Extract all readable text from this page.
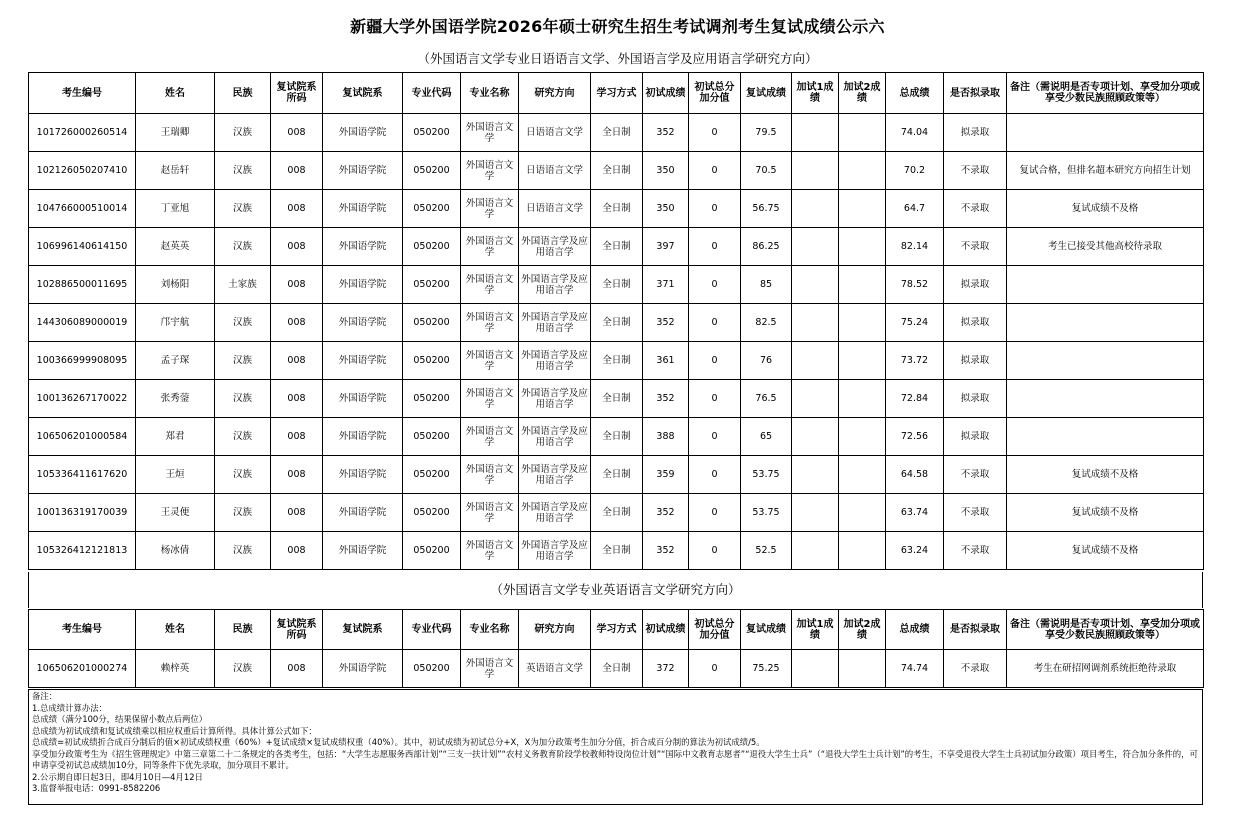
新疆大学外国语学院2026年硕士研究生招生考试调剂考生复试成绩公示六
（外国语言文学专业日语语言文学、外国语言学及应用语言学研究方向）
考生编号	姓名	民族	复试院系所码	复试院系	专业代码	专业名称	研究方向	学习方式	初试成绩	初试总分加分值	复试成绩	加试1成绩	加试2成绩	总成绩	是否拟录取	备注（需说明是否专项计划、享受加分项或享受少数民族照顾政策等）
101726000260514	王瑞卿	汉族	008	外国语学院	050200	外国语言文学	日语语言文学	全日制	352	0	79.5			74.04	拟录取	
102126050207410	赵岳轩	汉族	008	外国语学院	050200	外国语言文学	日语语言文学	全日制	350	0	70.5			70.2	不录取	复试合格，但排名超本研究方向招生计划
104766000510014	丁亚旭	汉族	008	外国语学院	050200	外国语言文学	日语语言文学	全日制	350	0	56.75			64.7	不录取	复试成绩不及格
106996140614150	赵英英	汉族	008	外国语学院	050200	外国语言文学	外国语言学及应用语言学	全日制	397	0	86.25			82.14	不录取	考生已接受其他高校待录取
102886500011695	刘杨阳	土家族	008	外国语学院	050200	外国语言文学	外国语言学及应用语言学	全日制	371	0	85			78.52	拟录取	
144306089000019	邝宇航	汉族	008	外国语学院	050200	外国语言文学	外国语言学及应用语言学	全日制	352	0	82.5			75.24	拟录取	
100366999908095	孟子琛	汉族	008	外国语学院	050200	外国语言文学	外国语言学及应用语言学	全日制	361	0	76			73.72	拟录取	
100136267170022	张秀蓥	汉族	008	外国语学院	050200	外国语言文学	外国语言学及应用语言学	全日制	352	0	76.5			72.84	拟录取	
106506201000584	郑君	汉族	008	外国语学院	050200	外国语言文学	外国语言学及应用语言学	全日制	388	0	65			72.56	拟录取	
105336411617620	王烜	汉族	008	外国语学院	050200	外国语言文学	外国语言学及应用语言学	全日制	359	0	53.75			64.58	不录取	复试成绩不及格
100136319170039	王灵便	汉族	008	外国语学院	050200	外国语言文学	外国语言学及应用语言学	全日制	352	0	53.75			63.74	不录取	复试成绩不及格
105326412121813	杨冰倩	汉族	008	外国语学院	050200	外国语言文学	外国语言学及应用语言学	全日制	352	0	52.5			63.24	不录取	复试成绩不及格
（外国语言文学专业英语语言文学研究方向）
考生编号	姓名	民族	复试院系所码	复试院系	专业代码	专业名称	研究方向	学习方式	初试成绩	初试总分加分值	复试成绩	加试1成绩	加试2成绩	总成绩	是否拟录取	备注（需说明是否专项计划、享受加分项或享受少数民族照顾政策等）
106506201000274	赖梓英	汉族	008	外国语学院	050200	外国语言文学	英语语言文学	全日制	372	0	75.25			74.74	不录取	考生在研招网调剂系统拒绝待录取
备注：
1.总成绩计算办法：
总成绩（满分100分，结果保留小数点后两位）
总成绩为初试成绩和复试成绩乘以相应权重后计算所得。具体计算公式如下：
总成绩=初试成绩折合成百分制后的值×初试成绩权重（60%）+复试成绩×复试成绩权重（40%）。其中，初试成绩为初试总分+X，X为加分政策考生加分分值，折合成百分制的算法为初试成绩/5。
享受加分政策考生为《招生管理规定》中第三章第二十二条规定的各类考生，包括：“大学生志愿服务西部计划”“三支一扶计划”“农村义务教育阶段学校教师特设岗位计划”“国际中文教育志愿者”“退役大学生士兵”（“退役大学生士兵计划”的考生，不享受退役大学生士兵初试加分政策）项目考生，符合加分条件的，可申请享受初试总成绩加10分，同等条件下优先录取，加分项目不累计。
2.公示期自即日起3日，即4月10日—4月12日
3.监督举报电话：0991-8582206
